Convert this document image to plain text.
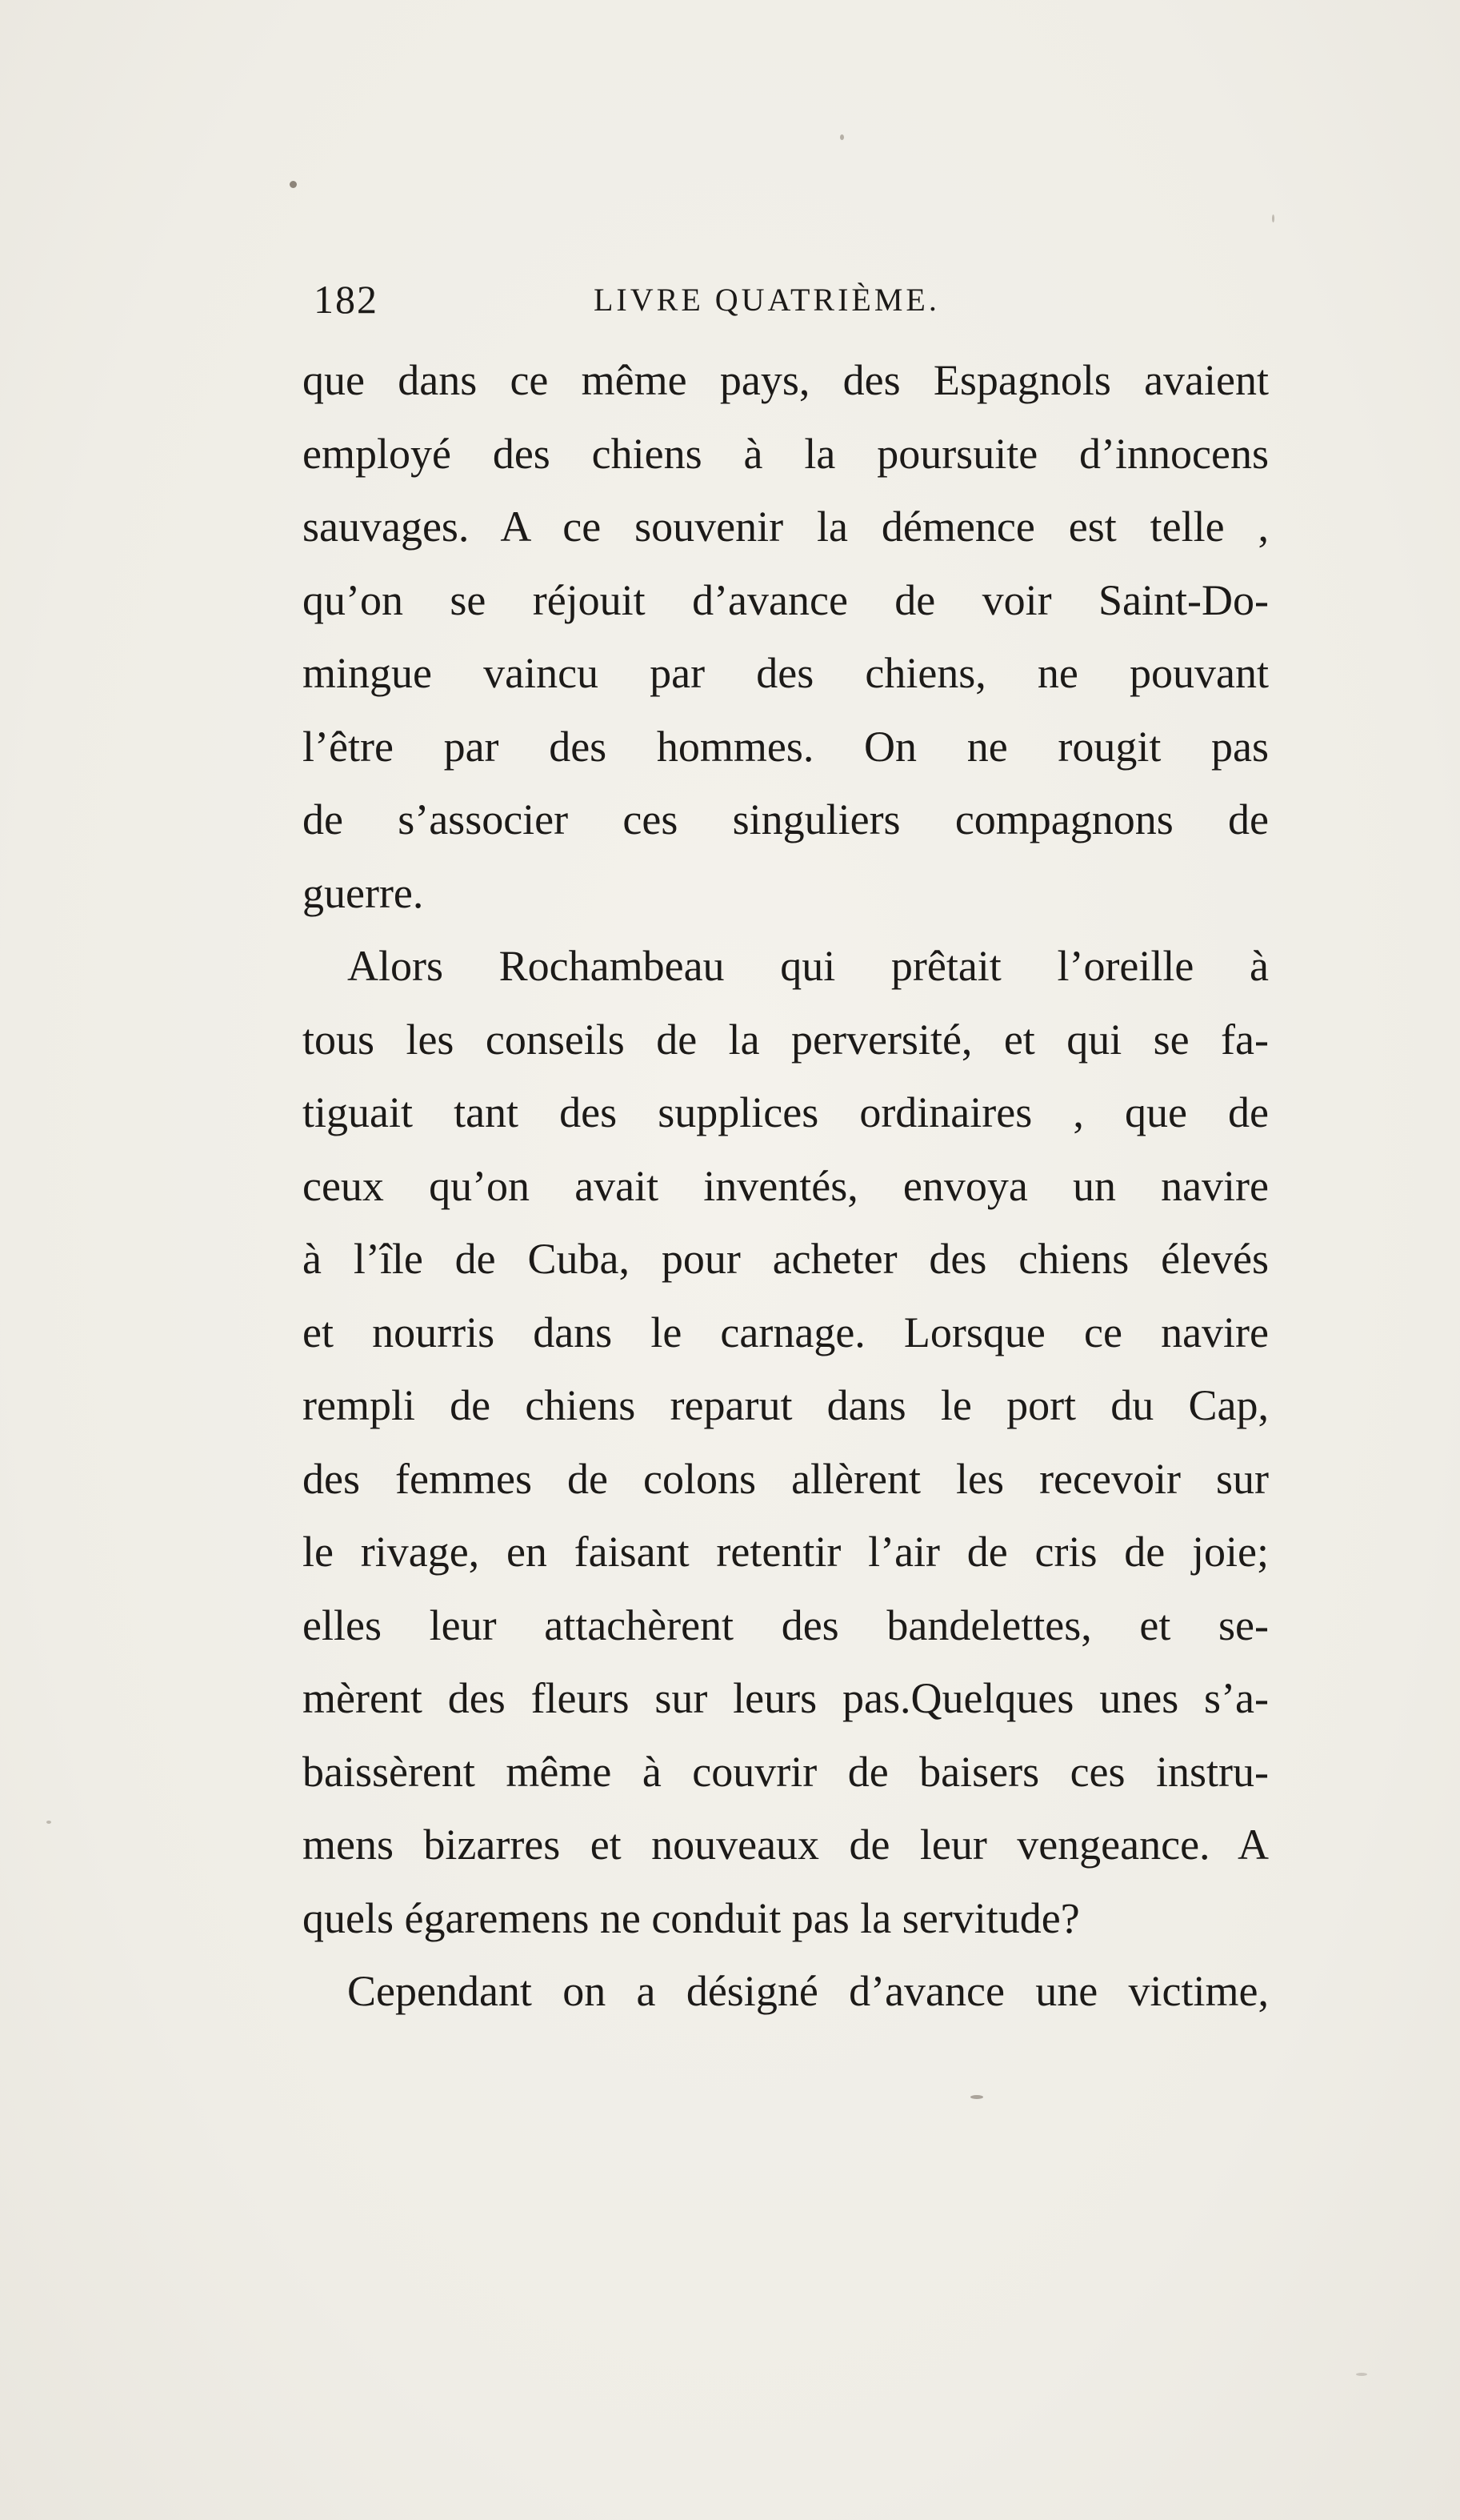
182	LIVRE QUATRIÈME.
que dans ce même pays, des Espagnols avaient
employé des chiens à la poursuite d’innocens
sauvages. A ce souvenir la démence est telle ,
qu’on se réjouit d’avance de voir Saint-Do-
mingue vaincu par des chiens, ne pouvant
l’être par des hommes. On ne rougit pas
de s’associer ces singuliers compagnons de
guerre.
Alors Rochambeau qui prêtait l’oreille à
tous les conseils de la perversité, et qui se fa-
tiguait tant des supplices ordinaires , que de
ceux qu’on avait inventés, envoya un navire
à l’île de Cuba, pour acheter des chiens élevés
et nourris dans le carnage. Lorsque ce navire
rempli de chiens reparut dans le port du Cap,
des femmes de colons allèrent les recevoir sur
le rivage, en faisant retentir l’air de cris de joie;
elles leur attachèrent des bandelettes, et se-
mèrent des fleurs sur leurs pas.Quelques unes s’a-
baissèrent même à couvrir de baisers ces instru-
mens bizarres et nouveaux de leur vengeance. A
quels égaremens ne conduit pas la servitude?
Cependant on a désigné d’avance une victime,
